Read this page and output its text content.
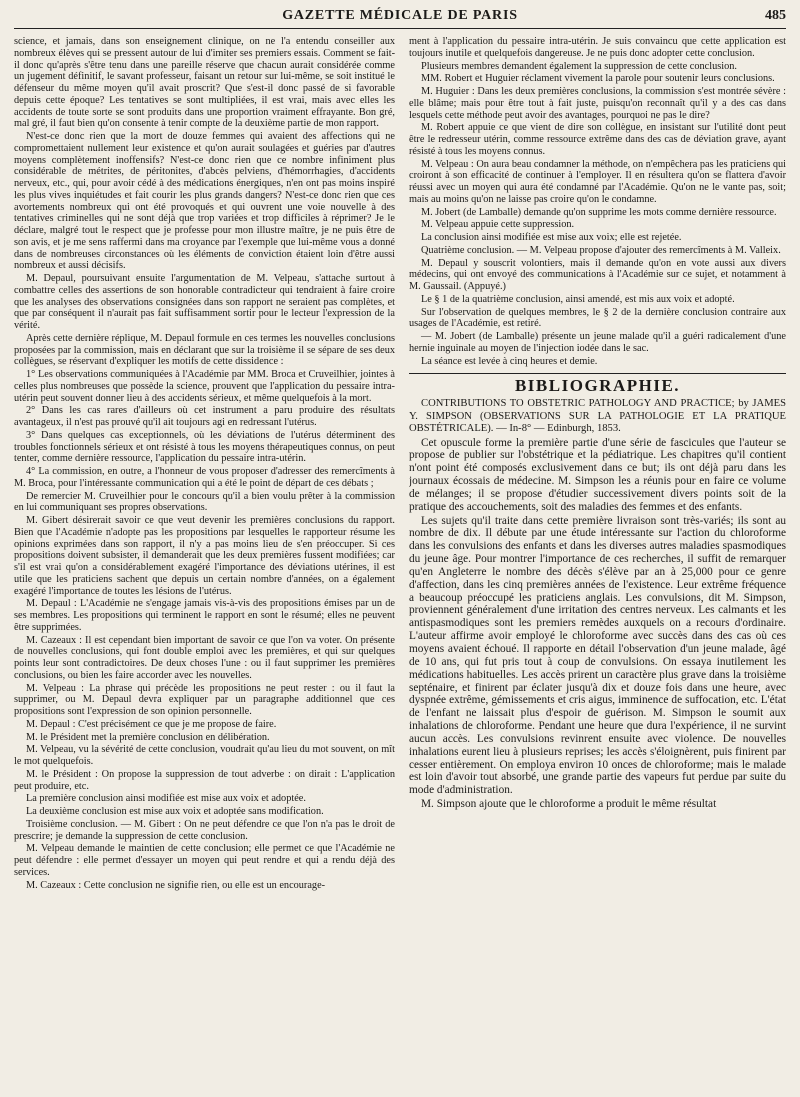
GAZETTE MÉDICALE DE PARIS	485

science, et jamais, dans son enseignement clinique, on ne l'a entendu conseiller aux nombreux élèves qui se pressent autour de lui d'imiter ses premiers essais. Comment se fait-il donc qu'après s'être tenu dans une pareille réserve que chacun aurait considérée comme un jugement définitif, le savant professeur, faisant un retour sur lui-même, se soit institué le défenseur du même moyen qu'il avait proscrit? Que s'est-il donc passé de si favorable depuis cette époque? Les tentatives se sont multipliées, il est vrai, mais avec elles les accidents de toute sorte se sont produits dans une proportion vraiment effrayante. Bon gré, mal gré, il faut bien qu'on consente à tenir compte de la deuxième partie de mon rapport.

N'est-ce donc rien que la mort de douze femmes qui avaient des affections qui ne compromettaient nullement leur existence et qu'on aurait soulagées et guéries par d'autres moyens complètement inoffensifs? N'est-ce donc rien que ce nombre infiniment plus considérable de métrites, de péritonites, d'abcès pelviens, d'hémorrhagies, d'accidents nerveux, etc., qui, pour avoir cédé à des médications énergiques, n'en ont pas moins inspiré les plus vives inquiétudes et fait courir les plus grands dangers? N'est-ce donc rien que ces avortements nombreux qui ont été provoqués et qui ouvrent une voie nouvelle à des tentatives criminelles qui ne sont déjà que trop variées et trop difficiles à réprimer? Je le déclare, malgré tout le respect que je professe pour mon illustre maître, je ne puis être de son avis, et je me sens raffermi dans ma croyance par l'exemple que lui-même vous a donné dans de nombreuses circonstances où les éléments de conviction étaient loin d'être aussi nombreux et aussi décisifs.

M. Depaul, poursuivant ensuite l'argumentation de M. Velpeau, s'attache surtout à combattre celles des assertions de son honorable contradicteur qui tendraient à faire croire que les analyses des observations consignées dans son rapport ne seraient pas complètes, et que par conséquent il n'aurait pas fait suffisamment sortir pour le lecteur l'expression de la vérité.

Après cette dernière réplique, M. Depaul formule en ces termes les nouvelles conclusions proposées par la commission, mais en déclarant que sur la troisième il se sépare de ses deux collègues, se réservant d'expliquer les motifs de cette dissidence :

1° Les observations communiquées à l'Académie par MM. Broca et Cruveilhier, jointes à celles plus nombreuses que possède la science, prouvent que l'application du pessaire intra-utérin peut souvent donner lieu à des accidents sérieux, et même quelquefois à la mort.

2° Dans les cas rares d'ailleurs où cet instrument a paru produire des résultats avantageux, il n'est pas prouvé qu'il ait toujours agi en redressant l'utérus.

3° Dans quelques cas exceptionnels, où les déviations de l'utérus déterminent des troubles fonctionnels sérieux et ont résisté à tous les moyens thérapeutiques connus, on peut tenter, comme dernière ressource, l'application du pessaire intra-utérin.

4° La commission, en outre, a l'honneur de vous proposer d'adresser des remercîments à M. Broca, pour l'intéressante communication qui a été le point de départ de ces débats ;

De remercier M. Cruveilhier pour le concours qu'il a bien voulu prêter à la commission en lui communiquant ses propres observations.

M. Gibert désirerait savoir ce que veut devenir les premières conclusions du rapport. Bien que l'Académie n'adopte pas les propositions par lesquelles le rapporteur résume les opinions exprimées dans son rapport, il n'y a pas moins lieu de s'en préoccuper. Si ces propositions doivent subsister, il demanderait que les deux premières fussent modifiées; car s'il est vrai qu'on a considérablement exagéré l'importance des déviations utérines, il est utile que les praticiens sachent que depuis un certain nombre d'années, on a également exagéré l'importance de toutes les lésions de l'utérus.

M. Depaul : L'Académie ne s'engage jamais vis-à-vis des propositions émises par un de ses membres. Les propositions qui terminent le rapport en sont le résumé; elles ne peuvent être supprimées.

M. Cazeaux : Il est cependant bien important de savoir ce que l'on va voter. On présente de nouvelles conclusions, qui font double emploi avec les premières, et qui sur quelques points leur sont contradictoires. De deux choses l'une : ou il faut supprimer les premières conclusions, ou bien les faire accorder avec les nouvelles.

M. Velpeau : La phrase qui précède les propositions ne peut rester : ou il faut la supprimer, ou M. Depaul devra expliquer par un paragraphe additionnel que ces propositions sont l'expression de son opinion personnelle.

M. Depaul : C'est précisément ce que je me propose de faire.

M. le Président met la première conclusion en délibération.

M. Velpeau, vu la sévérité de cette conclusion, voudrait qu'au lieu du mot souvent, on mît le mot quelquefois.

M. le Président : On propose la suppression de tout adverbe : on dirait : L'application peut produire, etc.

La première conclusion ainsi modifiée est mise aux voix et adoptée.

La deuxième conclusion est mise aux voix et adoptée sans modification.

Troisième conclusion. — M. Gibert : On ne peut défendre ce que l'on n'a pas le droit de prescrire; je demande la suppression de cette conclusion.

M. Velpeau demande le maintien de cette conclusion; elle permet ce que l'Académie ne peut défendre : elle permet d'essayer un moyen qui peut rendre et qui a rendu déjà des services.

M. Cazeaux : Cette conclusion ne signifie rien, ou elle est un encourage-

ment à l'application du pessaire intra-utérin. Je suis convaincu que cette application est toujours inutile et quelquefois dangereuse. Je ne puis donc adopter cette conclusion.

Plusieurs membres demandent également la suppression de cette conclusion.

MM. Robert et Huguier réclament vivement la parole pour soutenir leurs conclusions.

M. Huguier : Dans les deux premières conclusions, la commission s'est montrée sévère : elle blâme; mais pour être tout à fait juste, puisqu'on reconnaît qu'il y a des cas dans lesquels cette méthode peut avoir des avantages, pourquoi ne pas le dire?

M. Robert appuie ce que vient de dire son collègue, en insistant sur l'utilité dont peut être le redresseur utérin, comme ressource extrême dans des cas de déviation grave, ayant résisté à tous les moyens connus.

M. Velpeau : On aura beau condamner la méthode, on n'empêchera pas les praticiens qui croiront à son efficacité de continuer à l'employer. Il en résultera qu'on se flattera d'avoir réussi avec un moyen qui aura été condamné par l'Académie. Qu'on ne le vante pas, soit; mais au moins qu'on ne laisse pas croire qu'on le condamne.

M. Jobert (de Lamballe) demande qu'on supprime les mots comme dernière ressource.

M. Velpeau appuie cette suppression.

La conclusion ainsi modifiée est mise aux voix; elle est rejetée.

Quatrième conclusion. — M. Velpeau propose d'ajouter des remercîments à M. Valleix.

M. Depaul y souscrit volontiers, mais il demande qu'on en vote aussi aux divers médecins, qui ont envoyé des communications à l'Académie sur ce sujet, et notamment à M. Gaussail. (Appuyé.)

Le § 1 de la quatrième conclusion, ainsi amendé, est mis aux voix et adopté.

Sur l'observation de quelques membres, le § 2 de la dernière conclusion contraire aux usages de l'Académie, est retiré.

— M. Jobert (de Lamballe) présente un jeune malade qu'il a guéri radicalement d'une hernie inguinale au moyen de l'injection iodée dans le sac.

La séance est levée à cinq heures et demie.

BIBLIOGRAPHIE.

CONTRIBUTIONS TO OBSTETRIC PATHOLOGY AND PRACTICE; by JAMES Y. SIMPSON (OBSERVATIONS SUR LA PATHOLOGIE ET LA PRATIQUE OBSTÉTRICALE). — In-8° — Edinburgh, 1853.

Cet opuscule forme la première partie d'une série de fascicules que l'auteur se propose de publier sur l'obstétrique et la pédiatrique. Les chapitres qu'il contient n'ont point été composés exclusivement dans ce but; ils ont déjà paru dans les journaux écossais de médecine. M. Simpson les a réunis pour en faire ce volume de mélanges; il se propose d'étudier successivement divers points soit de la pratique des accouchements, soit des maladies des femmes et des enfants.

Les sujets qu'il traite dans cette première livraison sont très-variés; ils sont au nombre de dix. Il débute par une étude intéressante sur l'action du chloroforme dans les convulsions des enfants et dans les diverses autres maladies spasmodiques du jeune âge. Pour montrer l'importance de ces recherches, il suffit de remarquer qu'en Angleterre le nombre des décès s'élève par an à 25,000 pour ce genre d'affection, dans les cinq premières années de l'existence. Leur extrême fréquence a beaucoup préoccupé les praticiens anglais. Les convulsions, dit M. Simpson, proviennent généralement d'une irritation des centres nerveux. Les calmants et les antispasmodiques sont les premiers remèdes auxquels on a recours d'ordinaire. L'auteur affirme avoir employé le chloroforme avec succès dans des cas où ces moyens avaient échoué. Il rapporte en détail l'observation d'un jeune malade, âgé de 10 ans, qui fut pris tout à coup de convulsions. On essaya inutilement les médications habituelles. Les accès prirent un caractère plus grave dans la troisième septénaire, et finirent par éclater jusqu'à dix et douze fois dans une heure, avec dyspnée extrême, gémissements et cris aigus, imminence de suffocation, etc. L'état de l'enfant ne laissait plus d'espoir de guérison. M. Simpson le soumit aux inhalations de chloroforme. Pendant une heure que dura l'expérience, il ne survint aucun accès. Les convulsions revinrent ensuite avec violence. De nouvelles inhalations eurent lieu à plusieurs reprises; les accès s'éloignèrent, puis finirent par cesser entièrement. On employa environ 10 onces de chloroforme; mais le malade est loin d'avoir tout absorbé, une grande partie des vapeurs fut perdue par suite du mode d'administration.

M. Simpson ajoute que le chloroforme a produit le même résultat
